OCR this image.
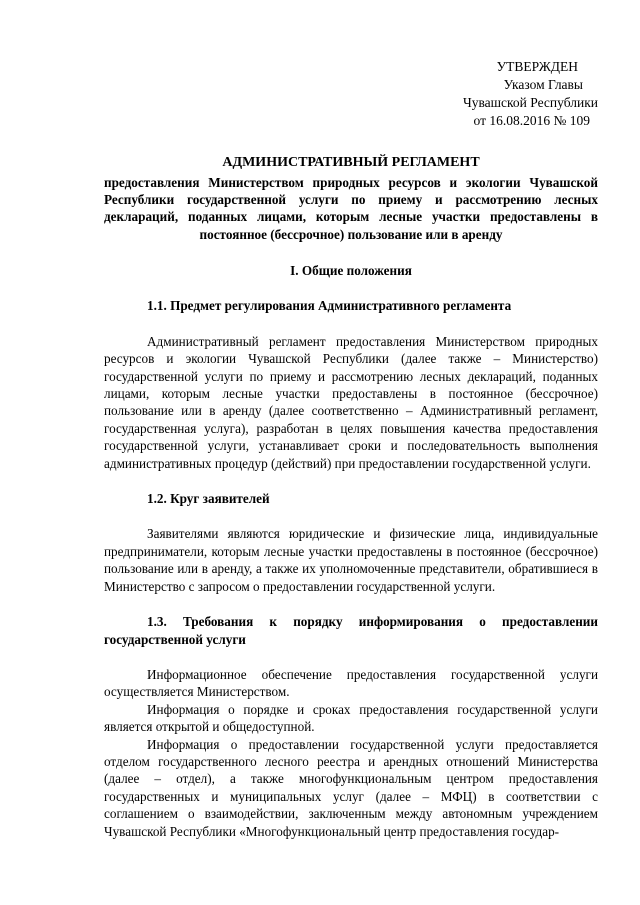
УТВЕРЖДЕН
Указом Главы
Чувашской Республики
от 16.08.2016 № 109

АДМИНИСТРАТИВНЫЙ РЕГЛАМЕНТ

предоставления Министерством природных ресурсов и экологии Чувашской Республики государственной услуги по приему и рассмотрению лесных деклараций, поданных лицами, которым лесные участки предоставлены в постоянное (бессрочное) пользование или в аренду

I. Общие положения

1.1. Предмет регулирования Административного регламента

Административный регламент предоставления Министерством природных ресурсов и экологии Чувашской Республики (далее также – Министерство) государственной услуги по приему и рассмотрению лесных деклараций, поданных лицами, которым лесные участки предоставлены в постоянное (бессрочное) пользование или в аренду (далее соответственно – Административный регламент, государственная услуга), разработан в целях повышения качества предоставления государственной услуги, устанавливает сроки и последовательность выполнения административных процедур (действий) при предоставлении государственной услуги.

1.2. Круг заявителей

Заявителями являются юридические и физические лица, индивидуальные предприниматели, которым лесные участки предоставлены в постоянное (бессрочное) пользование или в аренду, а также их уполномоченные представители, обратившиеся в Министерство с запросом о предоставлении государственной услуги.

1.3. Требования к порядку информирования о предоставлении государственной услуги

Информационное обеспечение предоставления государственной услуги осуществляется Министерством.

Информация о порядке и сроках предоставления государственной услуги является открытой и общедоступной.

Информация о предоставлении государственной услуги предоставляется отделом государственного лесного реестра и арендных отношений Министерства (далее – отдел), а также многофункциональным центром предоставления государственных и муниципальных услуг (далее – МФЦ) в соответствии с соглашением о взаимодействии, заключенным между автономным учреждением Чувашской Республики «Многофункциональный центр предоставления государ-
